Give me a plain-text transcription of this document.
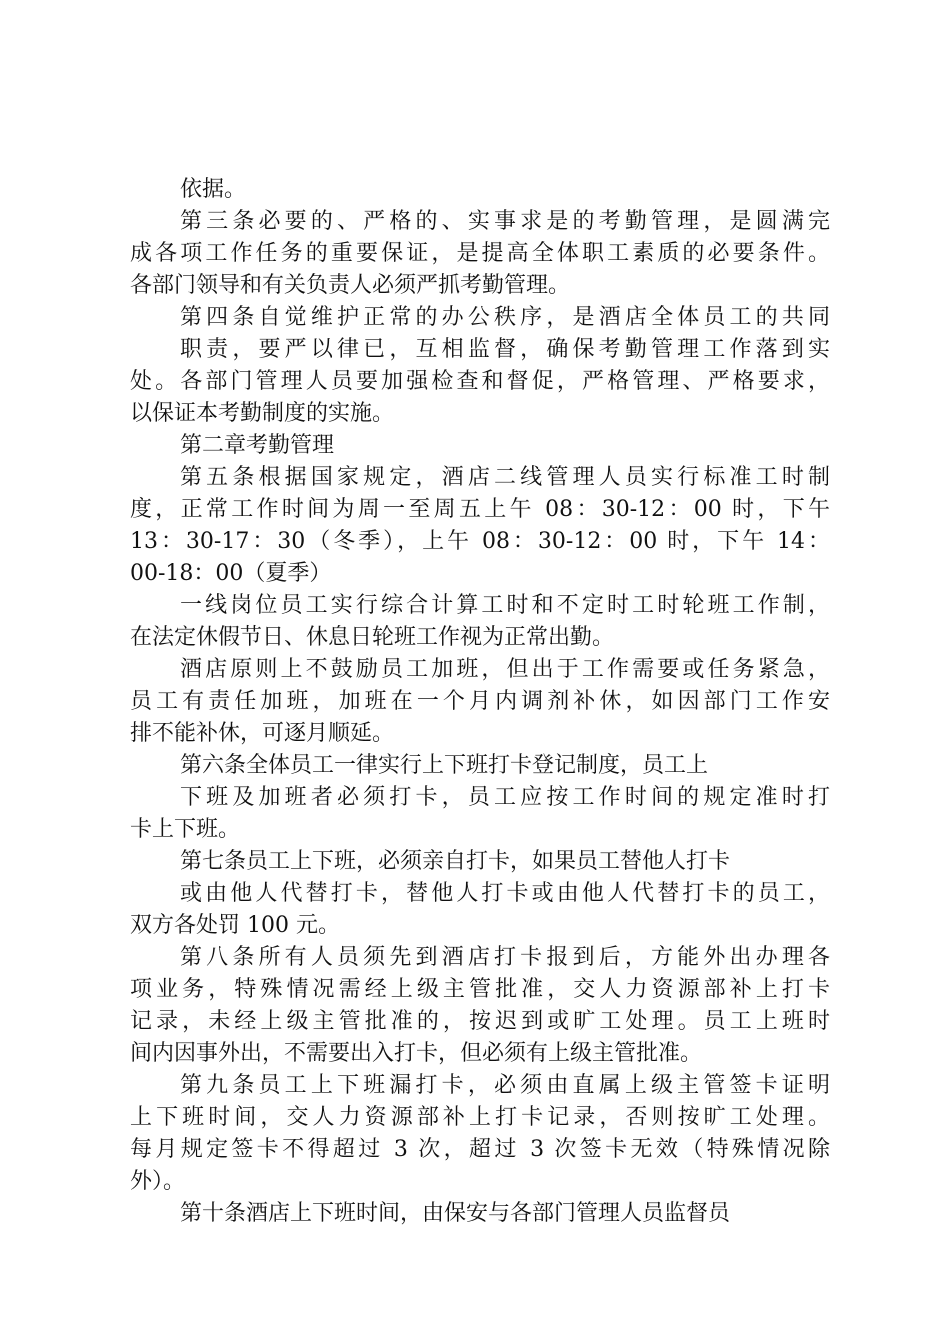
依据。
第三条必要的、严格的、实事求是的考勤管理，是圆满完
成各项工作任务的重要保证，是提高全体职工素质的必要条件。
各部门领导和有关负责人必须严抓考勤管理。
第四条自觉维护正常的办公秩序，是酒店全体员工的共同
职责，要严以律已，互相监督，确保考勤管理工作落到实
处。各部门管理人员要加强检查和督促，严格管理、严格要求，
以保证本考勤制度的实施。
第二章考勤管理
第五条根据国家规定，酒店二线管理人员实行标准工时制
度，正常工作时间为周一至周五上午 08：30-12：00 时，下午
13：30-17：30（冬季），上午 08：30-12：00 时，下午 14：
00-18：00（夏季）
一线岗位员工实行综合计算工时和不定时工时轮班工作制，
在法定休假节日、休息日轮班工作视为正常出勤。
酒店原则上不鼓励员工加班，但出于工作需要或任务紧急，
员工有责任加班，加班在一个月内调剂补休，如因部门工作安
排不能补休，可逐月顺延。
第六条全体员工一律实行上下班打卡登记制度，员工上
下班及加班者必须打卡，员工应按工作时间的规定准时打
卡上下班。
第七条员工上下班，必须亲自打卡，如果员工替他人打卡
或由他人代替打卡，替他人打卡或由他人代替打卡的员工，
双方各处罚 100 元。
第八条所有人员须先到酒店打卡报到后，方能外出办理各
项业务，特殊情况需经上级主管批准，交人力资源部补上打卡
记录，未经上级主管批准的，按迟到或旷工处理。员工上班时
间内因事外出，不需要出入打卡，但必须有上级主管批准。
第九条员工上下班漏打卡，必须由直属上级主管签卡证明
上下班时间，交人力资源部补上打卡记录，否则按旷工处理。
每月规定签卡不得超过 3 次，超过 3 次签卡无效（特殊情况除
外）。
第十条酒店上下班时间，由保安与各部门管理人员监督员
